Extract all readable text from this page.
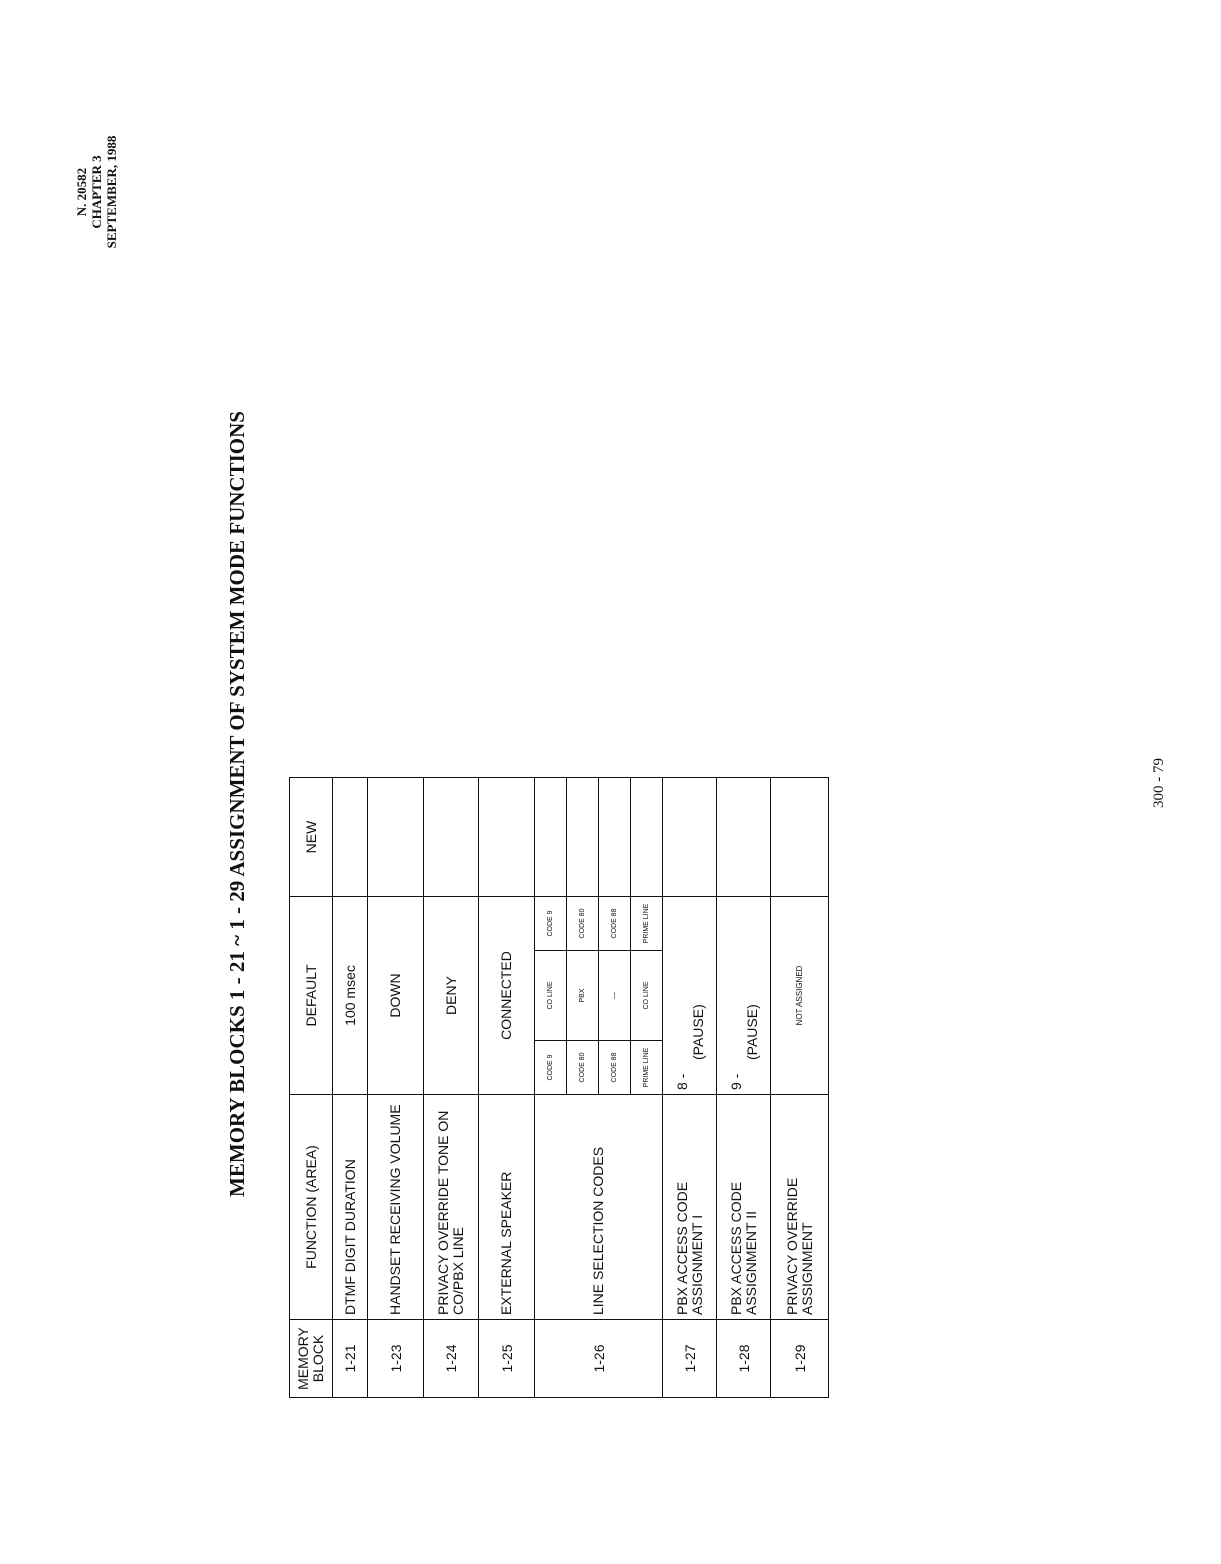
N. 20582 CHAPTER 3 SEPTEMBER, 1988
MEMORY BLOCKS 1 - 21 ~ 1 - 29 ASSIGNMENT OF SYSTEM MODE FUNCTIONS	300 - 79
MEMORY BLOCK	FUNCTION (AREA)	DEFAULT			NEW
1-21	DTMF DIGIT DURATION	100 msec			
1-23	HANDSET RECEIVING VOLUME	DOWN			
1-24	PRIVACY OVERRIDE TONE ON CO/PBX LINE	DENY			
1-25	EXTERNAL SPEAKER	CONNECTED			
1-26	LINE SELECTION CODES	CODE 9	CO LINE	CODE 9	
		CODE 80	PBX	CODE 80	
		CODE 88	—	CODE 88	
		PRIME LINE	CO LINE	PRIME LINE	
1-27	PBX ACCESS CODE ASSIGNMENT I	8 -
(PAUSE)			

1-28	PBX ACCESS CODE ASSIGNMENT II	9 -
(PAUSE)			

1-29	PRIVACY OVERRIDE ASSIGNMENT	NOT ASSIGNED			
